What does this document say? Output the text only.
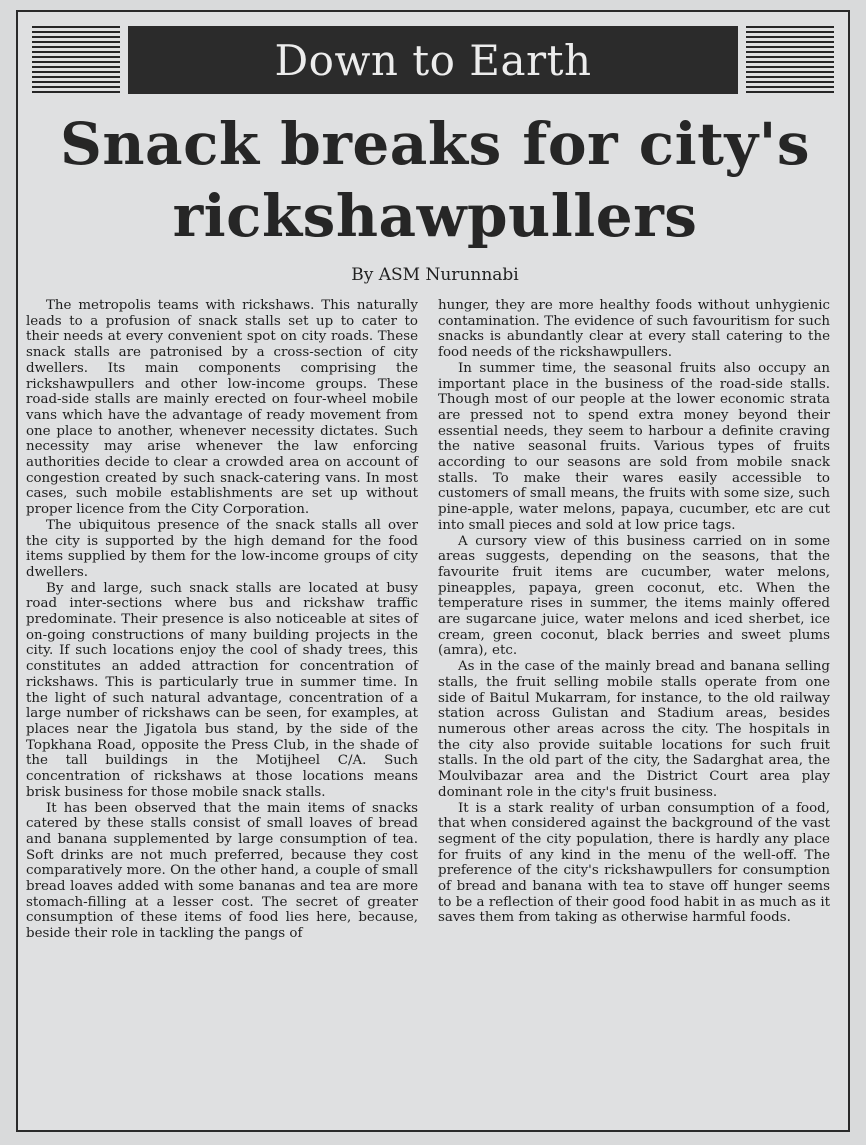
Down to Earth
Snack breaks for city's
rickshawpullers
By ASM Nurunnabi

The metropolis teams with rickshaws. This naturally leads to a profusion of snack stalls set up to cater to their needs at every convenient spot on city roads. These snack stalls are patronised by a cross-section of city dwellers. Its main components comprising the rickshawpullers and other low-income groups. These road-side stalls are mainly erected on four-wheel mobile vans which have the advantage of ready movement from one place to another, whenever necessity dictates. Such necessity may arise whenever the law enforcing authorities decide to clear a crowded area on account of congestion created by such snack-catering vans. In most cases, such mobile establishments are set up without proper licence from the City Corporation.

The ubiquitous presence of the snack stalls all over the city is supported by the high demand for the food items supplied by them for the low-income groups of city dwellers.

By and large, such snack stalls are located at busy road inter-sections where bus and rickshaw traffic predominate. Their presence is also noticeable at sites of on-going constructions of many building projects in the city. If such locations enjoy the cool of shady trees, this constitutes an added attraction for concentration of rickshaws. This is particularly true in summer time. In the light of such natural advantage, concentration of a large number of rickshaws can be seen, for examples, at places near the Jigatola bus stand, by the side of the Topkhana Road, opposite the Press Club, in the shade of the tall buildings in the Motijheel C/A. Such concentration of rickshaws at those locations means brisk business for those mobile snack stalls.

It has been observed that the main items of snacks catered by these stalls consist of small loaves of bread and banana supplemented by large consumption of tea. Soft drinks are not much preferred, because they cost comparatively more. On the other hand, a couple of small bread loaves added with some bananas and tea are more stomach-filling at a lesser cost. The secret of greater consumption of these items of food lies here, because, beside their role in tackling the pangs of

hunger, they are more healthy foods without unhygienic contamination. The evidence of such favouritism for such snacks is abundantly clear at every stall catering to the food needs of the rickshawpullers.

In summer time, the seasonal fruits also occupy an important place in the business of the road-side stalls. Though most of our people at the lower economic strata are pressed not to spend extra money beyond their essential needs, they seem to harbour a definite craving the native seasonal fruits. Various types of fruits according to our seasons are sold from mobile snack stalls. To make their wares easily accessible to customers of small means, the fruits with some size, such pine-apple, water melons, papaya, cucumber, etc are cut into small pieces and sold at low price tags.

A cursory view of this business carried on in some areas suggests, depending on the seasons, that the favourite fruit items are cucumber, water melons, pineapples, papaya, green coconut, etc. When the temperature rises in summer, the items mainly offered are sugarcane juice, water melons and iced sherbet, ice cream, green coconut, black berries and sweet plums (amra), etc.

As in the case of the mainly bread and banana selling stalls, the fruit selling mobile stalls operate from one side of Baitul Mukarram, for instance, to the old railway station across Gulistan and Stadium areas, besides numerous other areas across the city. The hospitals in the city also provide suitable locations for such fruit stalls. In the old part of the city, the Sadarghat area, the Moulvibazar area and the District Court area play dominant role in the city's fruit business.

It is a stark reality of urban consumption of a food, that when considered against the background of the vast segment of the city population, there is hardly any place for fruits of any kind in the menu of the well-off. The preference of the city's rickshawpullers for consumption of bread and banana with tea to stave off hunger seems to be a reflection of their good food habit in as much as it saves them from taking as otherwise harmful foods.
